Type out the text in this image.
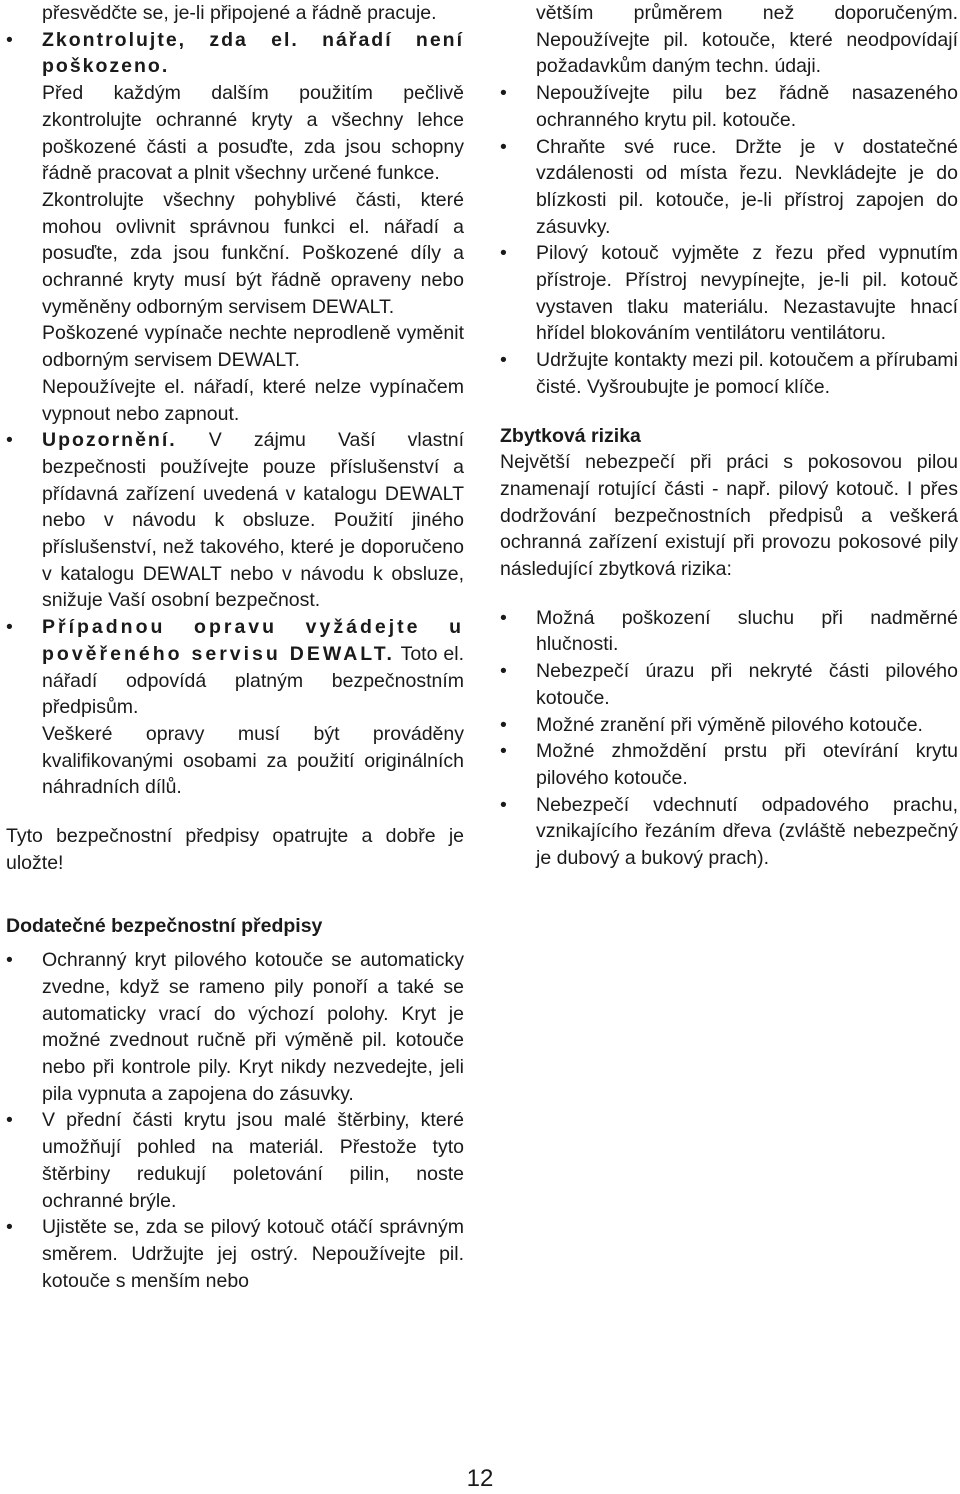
přesvědčte se, je-li připojené a řádně pracuje.

• Zkontrolujte, zda el. nářadí není poškozeno.

Před každým dalším použitím pečlivě zkontrolujte ochranné kryty a všechny lehce poškozené části a posuďte, zda jsou schopny řádně pracovat a plnit všechny určené funkce.

Zkontrolujte všechny pohyblivé části, které mohou ovlivnit správnou funkci el. nářadí a posuďte, zda jsou funkční. Poškozené díly a ochranné kryty musí být řádně opraveny nebo vyměněny odborným servisem DEWALT.

Poškozené vypínače nechte neprodleně vyměnit odborným servisem DEWALT.

Nepoužívejte el. nářadí, které nelze vypínačem vypnout nebo zapnout.

• Upozornění. V zájmu Vaší vlastní bezpečnosti používejte pouze příslušenství a přídavná zařízení uvedená v katalogu DEWALT nebo v návodu k obsluze. Použití jiného příslušenství, než takového, které je doporučeno v katalogu DEWALT nebo v návodu k obsluze, snižuje Vaší osobní bezpečnost.

• Případnou opravu vyžádejte u pověřeného servisu DEWALT. Toto el. nářadí odpovídá platným bezpečnostním předpisům.

Veškeré opravy musí být prováděny kvalifikovanými osobami za použití originálních náhradních dílů.

Tyto bezpečnostní předpisy opatrujte a dobře je uložte!

Dodatečné bezpečnostní předpisy

• Ochranný kryt pilového kotouče se automaticky zvedne, když se rameno pily ponoří a také se automaticky vrací do výchozí polohy. Kryt je možné zvednout ručně při výměně pil. kotouče nebo při kontrole pily. Kryt nikdy nezvedejte, jeli pila vypnuta a zapojena do zásuvky.

• V přední části krytu jsou malé štěrbiny, které umožňují pohled na materiál. Přestože tyto štěrbiny redukují poletování pilin, noste ochranné brýle.

• Ujistěte se, zda se pilový kotouč otáčí správným směrem. Udržujte jej ostrý. Nepoužívejte pil. kotouče s menším nebo

větším průměrem než doporučeným. Nepoužívejte pil. kotouče, které neodpovídají požadavkům daným techn. údaji.

• Nepoužívejte pilu bez řádně nasazeného ochranného krytu pil. kotouče.

• Chraňte své ruce. Držte je v dostatečné vzdálenosti od místa řezu. Nevkládejte je do blízkosti pil. kotouče, je-li přístroj zapojen do zásuvky.

• Pilový kotouč vyjměte z řezu před vypnutím přístroje. Přístroj nevypínejte, je-li pil. kotouč vystaven tlaku materiálu. Nezastavujte hnací hřídel blokováním ventilátoru ventilátoru.

• Udržujte kontakty mezi pil. kotoučem a přírubami čisté. Vyšroubujte je pomocí klíče.

Zbytková rizika

Největší nebezpečí při práci s pokosovou pilou znamenají rotující části - např. pilový kotouč. I přes dodržování bezpečnostních předpisů a veškerá ochranná zařízení existují při provozu pokosové pily následující zbytková rizika:

• Možná poškození sluchu při nadměrné hlučnosti.

• Nebezpečí úrazu při nekryté části pilového kotouče.

• Možné zranění při výměně pilového kotouče.

• Možné zhmoždění prstu při otevírání krytu pilového kotouče.

• Nebezpečí vdechnutí odpadového prachu, vznikajícího řezáním dřeva (zvláště nebezpečný je dubový a bukový prach).

12
